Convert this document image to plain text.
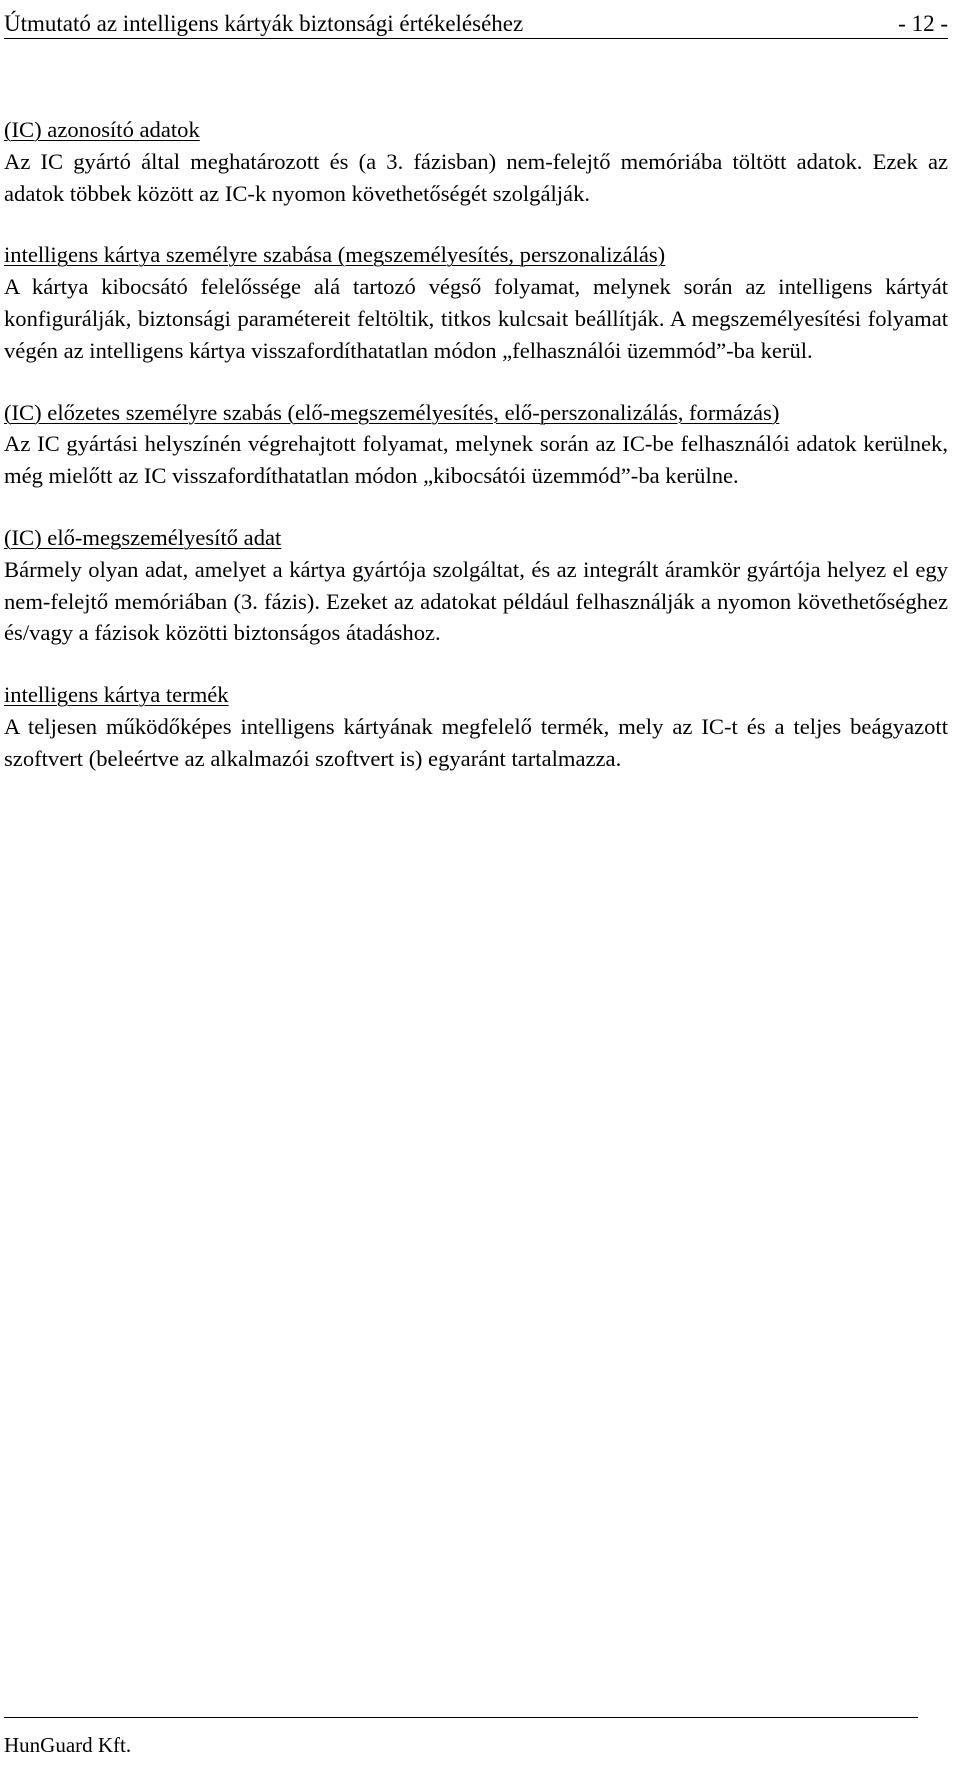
Útmutató az intelligens kártyák biztonsági értékeléséhez	- 12 -
(IC) azonosító adatok
Az IC gyártó által meghatározott és (a 3. fázisban) nem-felejtő memóriába töltött adatok. Ezek az adatok többek között az IC-k nyomon követhetőségét szolgálják.
intelligens kártya személyre szabása (megszemélyesítés, perszonalizálás)
A kártya kibocsátó felelőssége alá tartozó végső folyamat, melynek során az intelligens kártyát konfigurálják, biztonsági paramétereit feltöltik, titkos kulcsait beállítják. A megszemélyesítési folyamat végén az intelligens kártya visszafordíthatatlan módon „felhasználói üzemmód”-ba kerül.
(IC) előzetes személyre szabás (elő-megszemélyesítés, elő-perszonalizálás, formázás)
Az IC gyártási helyszínén végrehajtott folyamat, melynek során az IC-be felhasználói adatok kerülnek, még mielőtt az IC visszafordíthatatlan módon „kibocsátói üzemmód”-ba kerülne.
(IC) elő-megszemélyesítő adat
Bármely olyan adat, amelyet a kártya gyártója szolgáltat, és az integrált áramkör gyártója helyez el egy nem-felejtő memóriában (3. fázis). Ezeket az adatokat például felhasználják a nyomon követhetőséghez és/vagy a fázisok közötti biztonságos átadáshoz.
intelligens kártya termék
A teljesen működőképes intelligens kártyának megfelelő termék, mely az IC-t és a teljes beágyazott szoftvert (beleértve az alkalmazói szoftvert is) egyaránt tartalmazza.
HunGuard Kft.
